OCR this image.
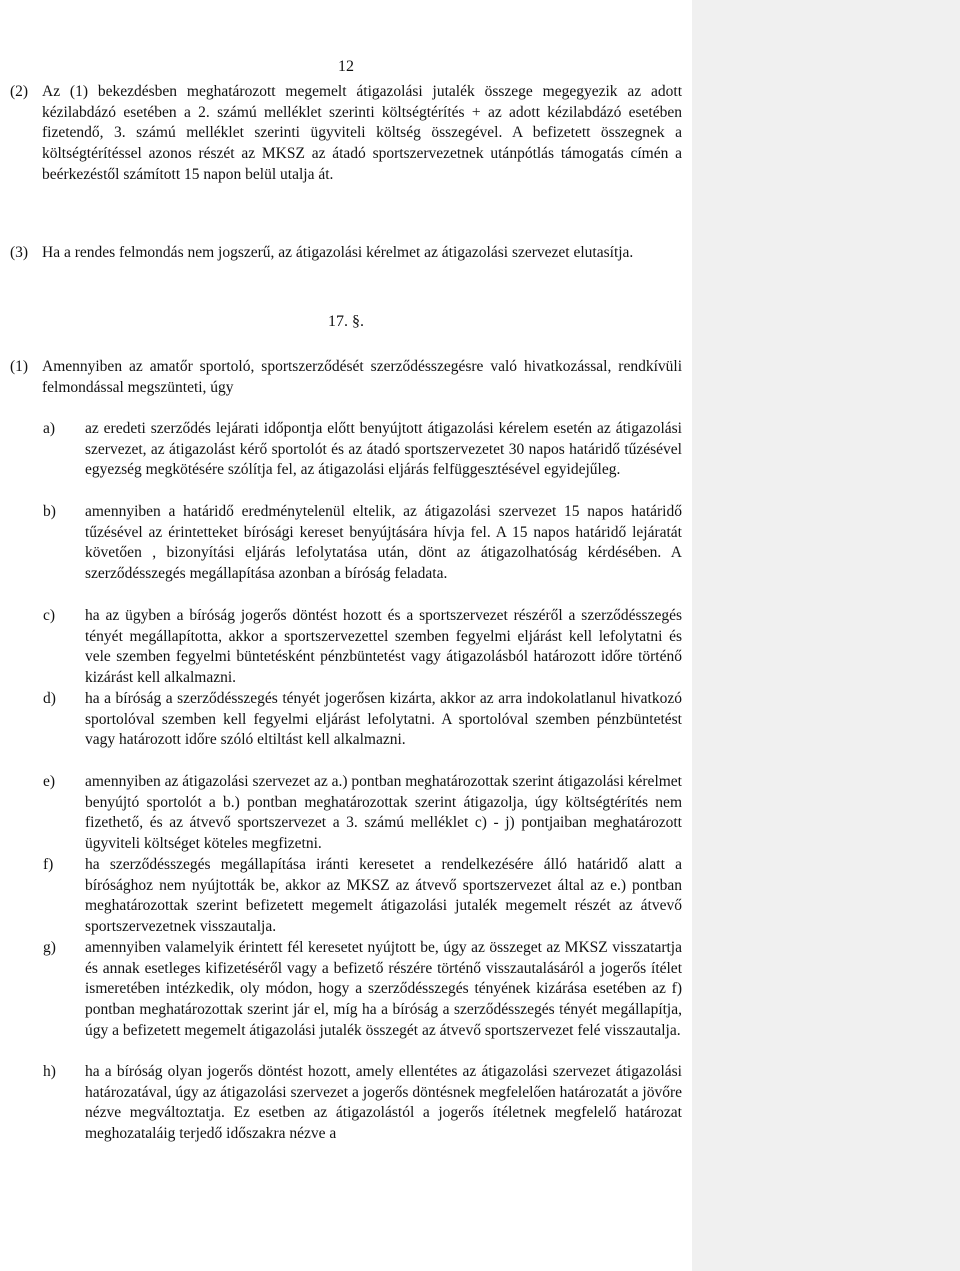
12
(2) Az (1) bekezdésben meghatározott megemelt átigazolási jutalék összege megegyezik az adott kézilabdázó esetében a 2. számú melléklet szerinti költségtérítés + az adott kézilabdázó esetében fizetendő, 3. számú melléklet szerinti ügyviteli költség összegével. A befizetett összegnek a költségtérítéssel azonos részét az MKSZ az átadó sportszervezetnek utánpótlás támogatás címén a beérkezéstől számított 15 napon belül utalja át.
(3) Ha a rendes felmondás nem jogszerű, az átigazolási kérelmet az átigazolási szervezet elutasítja.
17. §.
(1) Amennyiben az amatőr sportoló, sportszerződését szerződésszegésre való hivatkozással, rendkívüli felmondással megszünteti, úgy
a) az eredeti szerződés lejárati időpontja előtt benyújtott átigazolási kérelem esetén az átigazolási szervezet, az átigazolást kérő sportolót és az átadó sportszervezetet 30 napos határidő tűzésével egyezség megkötésére szólítja fel, az átigazolási eljárás felfüggesztésével egyidejűleg.
b) amennyiben a határidő eredménytelenül eltelik, az átigazolási szervezet 15 napos határidő tűzésével az érintetteket bírósági kereset benyújtására hívja fel. A 15 napos határidő lejáratát követően , bizonyítási eljárás lefolytatása után, dönt az átigazolhatóság kérdésében. A szerződésszegés megállapítása azonban a bíróság feladata.
c) ha az ügyben a bíróság jogerős döntést hozott és a sportszervezet részéről a szerződésszegés tényét megállapította, akkor a sportszervezettel szemben fegyelmi eljárást kell lefolytatni és vele szemben fegyelmi büntetésként pénzbüntetést vagy átigazolásból határozott időre történő kizárást kell alkalmazni.
d) ha a bíróság a szerződésszegés tényét jogerősen kizárta, akkor az arra indokolatlanul hivatkozó sportolóval szemben kell fegyelmi eljárást lefolytatni. A sportolóval szemben pénzbüntetést vagy határozott időre szóló eltiltást kell alkalmazni.
e) amennyiben az átigazolási szervezet az a.) pontban meghatározottak szerint átigazolási kérelmet benyújtó sportolót a b.) pontban meghatározottak szerint átigazolja, úgy költségtérítés nem fizethető, és az átvevő sportszervezet a 3. számú melléklet c) - j) pontjaiban meghatározott ügyviteli költséget köteles megfizetni.
f) ha szerződésszegés megállapítása iránti keresetet a rendelkezésére álló határidő alatt a bírósághoz nem nyújtották be, akkor az MKSZ az átvevő sportszervezet által az e.) pontban meghatározottak szerint befizetett megemelt átigazolási jutalék megemelt részét az átvevő sportszervezetnek visszautalja.
g) amennyiben valamelyik érintett fél keresetet nyújtott be, úgy az összeget az MKSZ visszatartja és annak esetleges kifizetéséről vagy a befizető részére történő visszautalásáról a jogerős ítélet ismeretében intézkedik, oly módon, hogy a szerződésszegés tényének kizárása esetében az f) pontban meghatározottak szerint jár el, míg ha a bíróság a szerződésszegés tényét megállapítja, úgy a befizetett megemelt átigazolási jutalék összegét az átvevő sportszervezet felé visszautalja.
h) ha a bíróság olyan jogerős döntést hozott, amely ellentétes az átigazolási szervezet átigazolási határozatával, úgy az átigazolási szervezet a jogerős döntésnek megfelelően határozatát a jövőre nézve megváltoztatja. Ez esetben az átigazolástól a jogerős ítéletnek megfelelő határozat meghozataláig terjedő időszakra nézve a
